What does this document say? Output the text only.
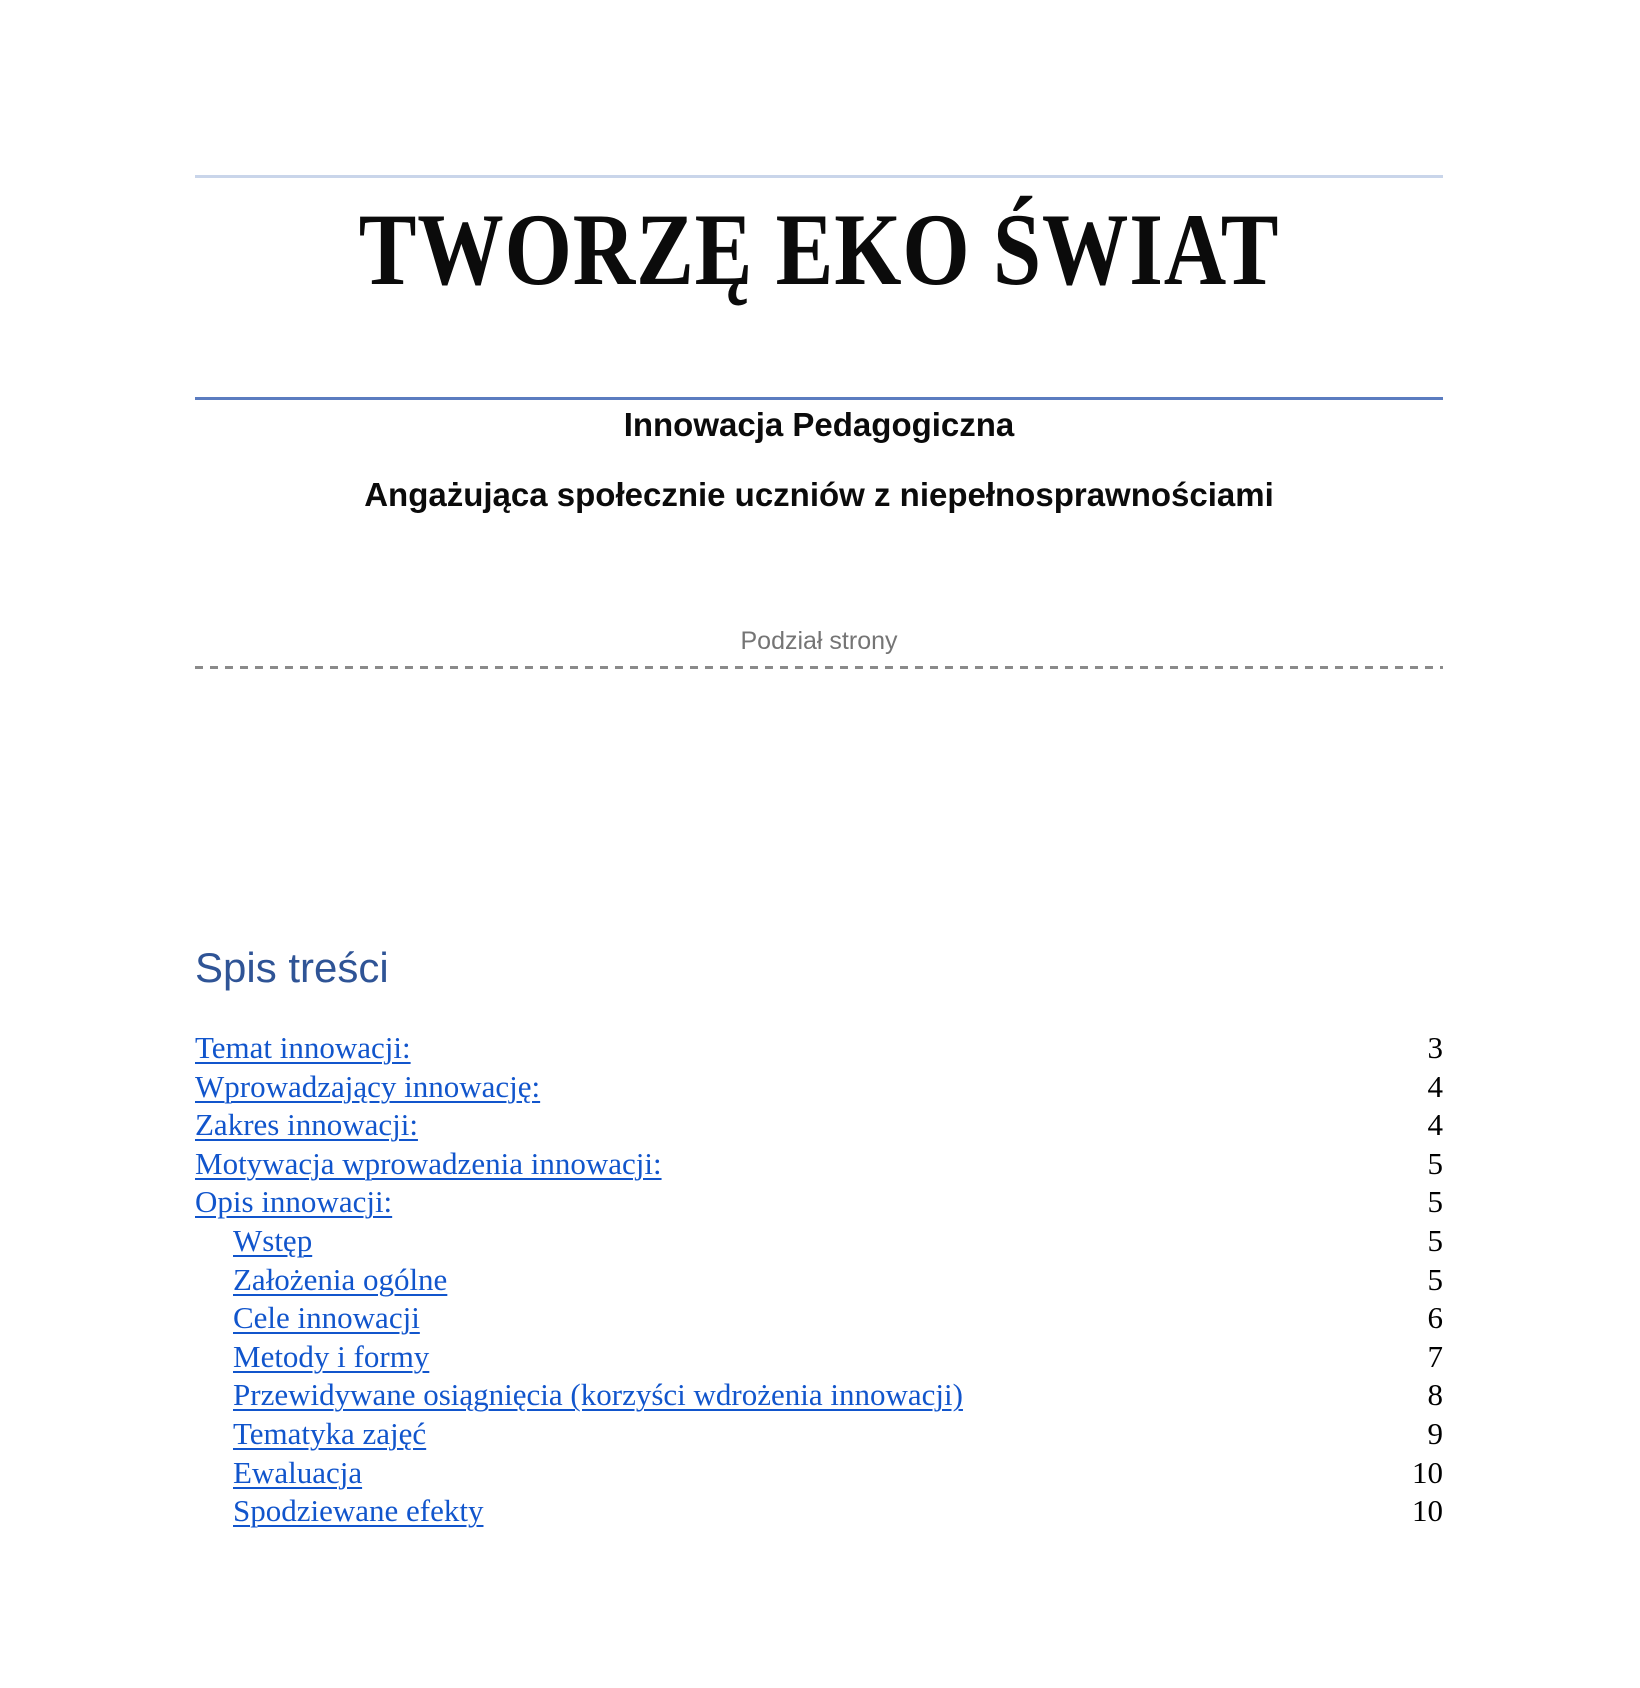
TWORZĘ EKO ŚWIAT

Innowacja Pedagogiczna

Angażująca społecznie uczniów z niepełnosprawnościami

Podział strony
Spis treści
Temat innowacji:	3
Wprowadzający innowację:	4
Zakres innowacji:	4
Motywacja wprowadzenia innowacji:	5
Opis innowacji:	5
Wstęp	5
Założenia ogólne	5
Cele innowacji	6
Metody i formy	7
Przewidywane osiągnięcia (korzyści wdrożenia innowacji)	8
Tematyka zajęć	9
Ewaluacja	10
Spodziewane efekty	10
